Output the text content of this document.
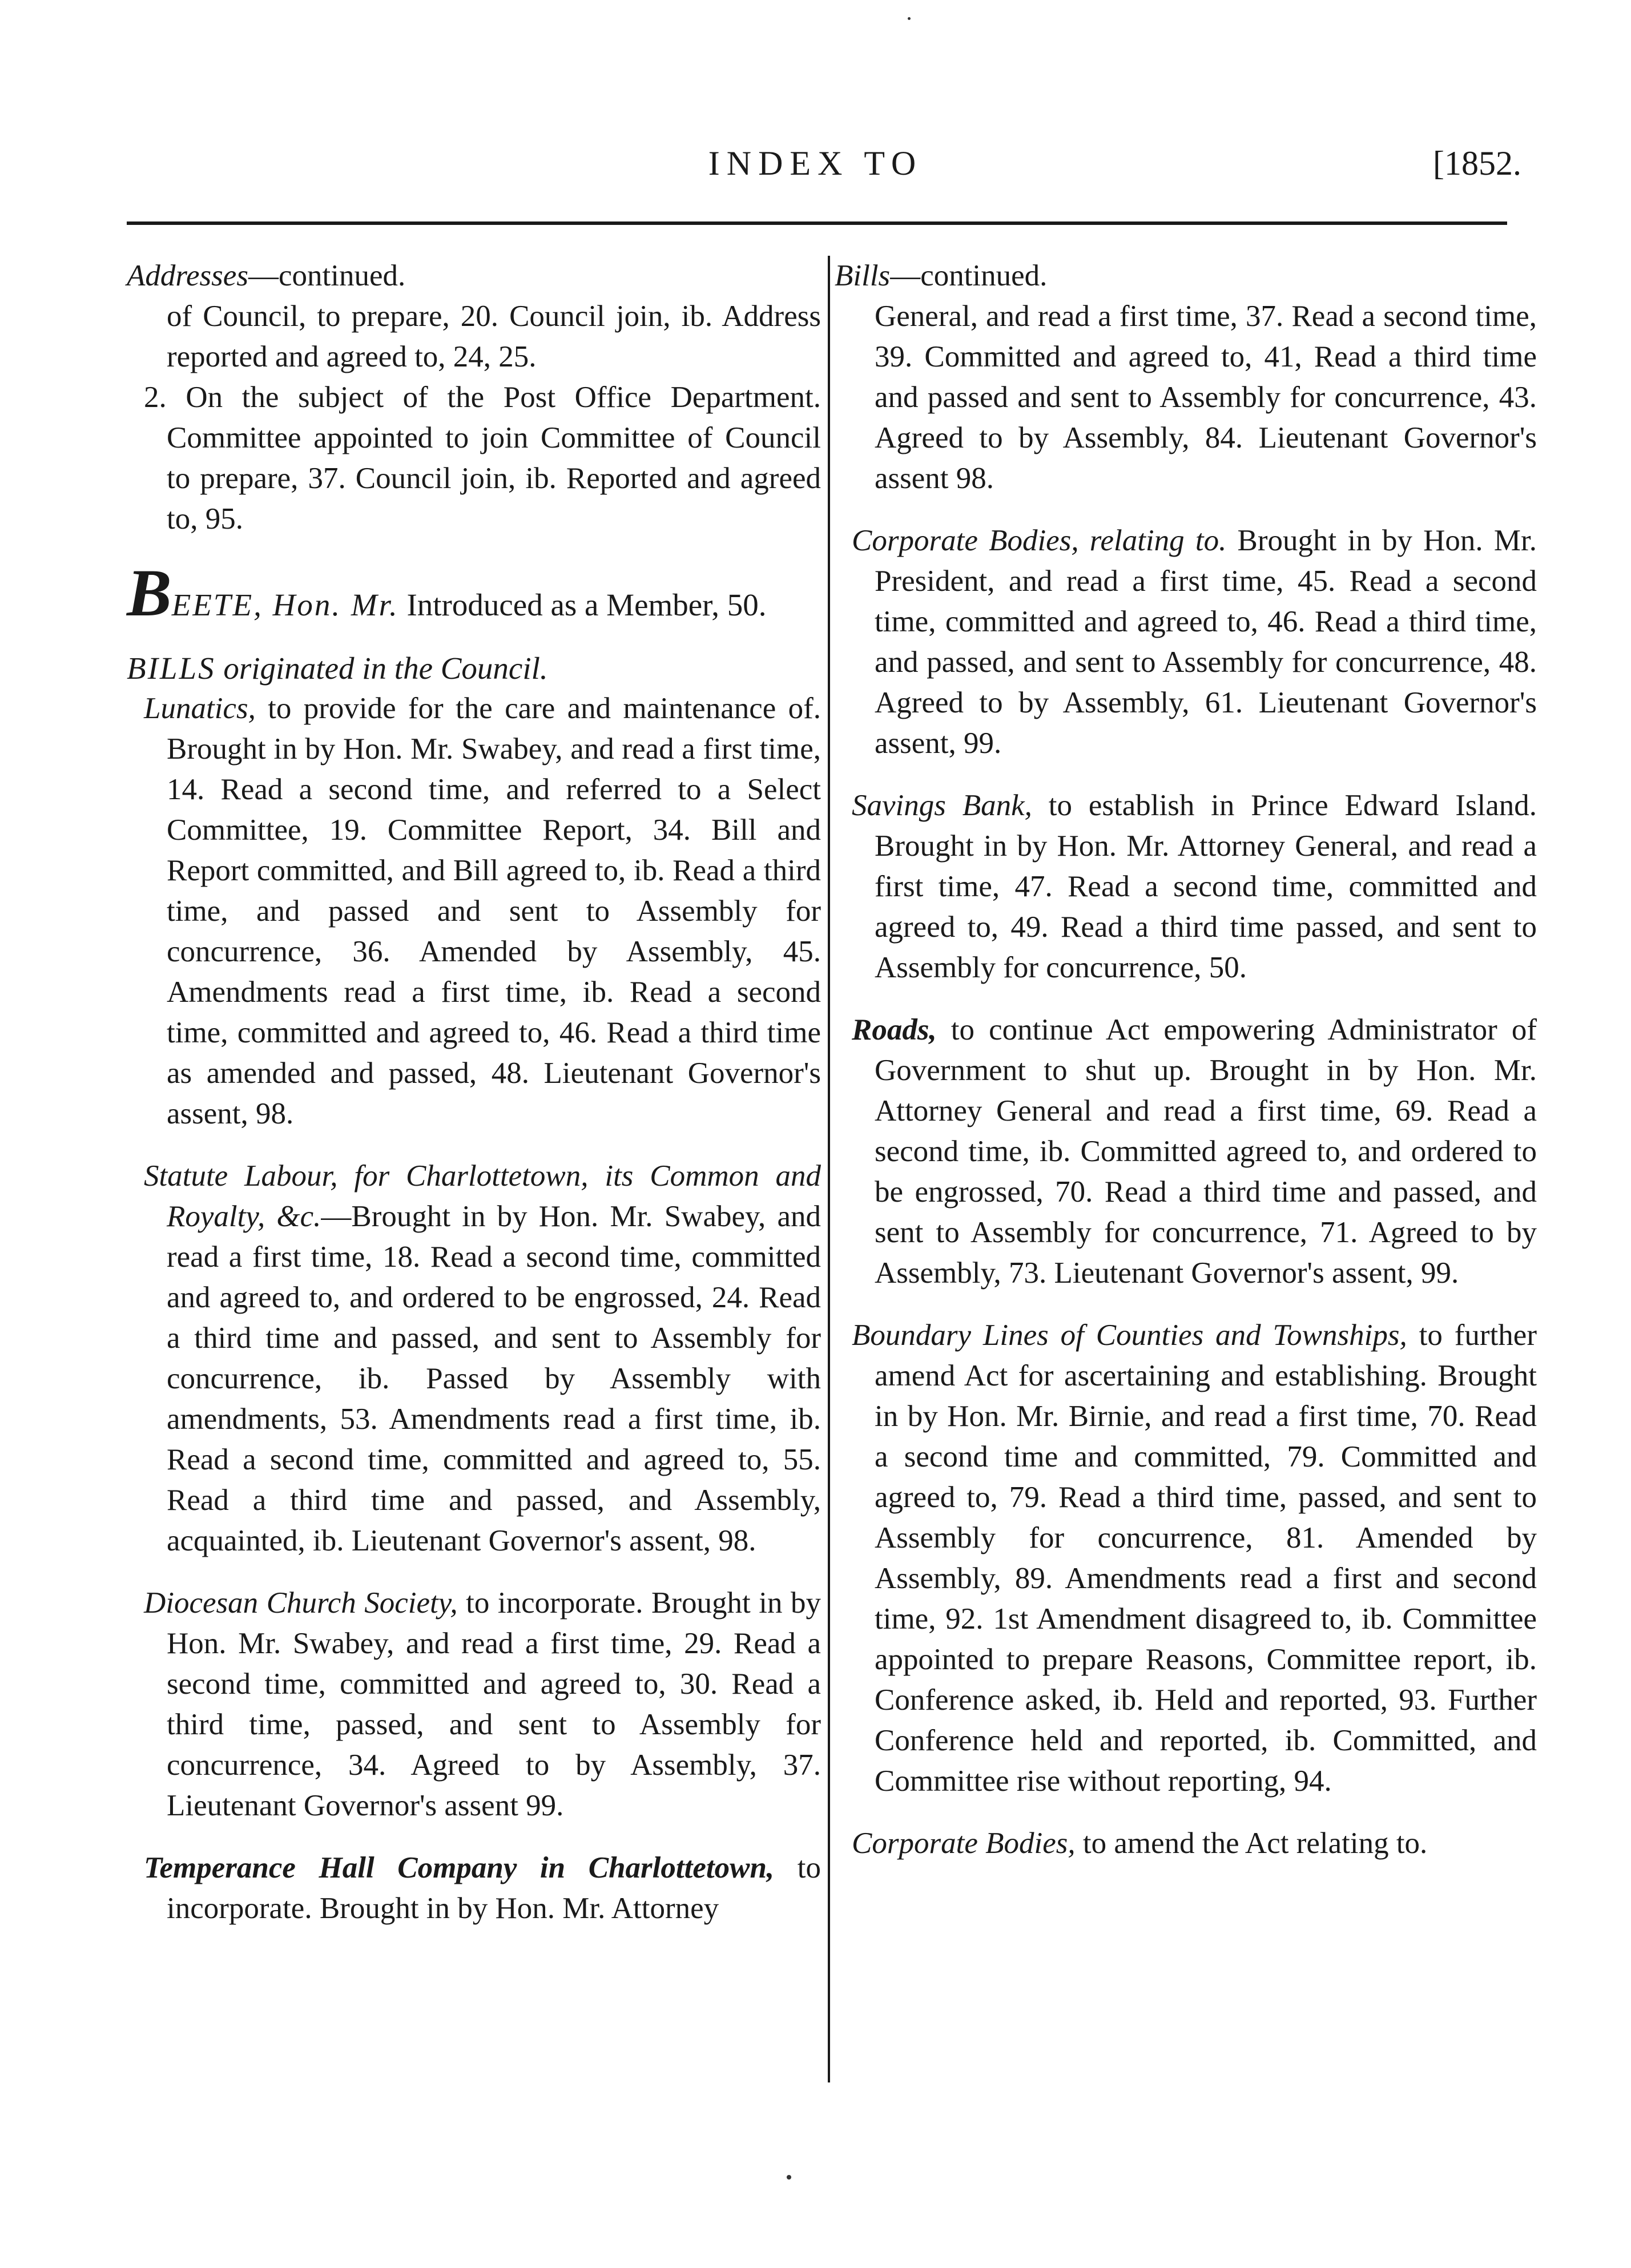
INDEX TO	[1852.
Addresses—continued.
of Council, to prepare, 20. Council join, ib. Address reported and agreed to, 24, 25.
2. On the subject of the Post Office Department. Committee appointed to join Committee of Council to prepare, 37. Council join, ib. Reported and agreed to, 95.
BEETE, Hon. Mr. Introduced as a Member, 50.
BILLS originated in the Council.
Lunatics, to provide for the care and maintenance of. Brought in by Hon. Mr. Swabey, and read a first time, 14. Read a second time, and referred to a Select Committee, 19. Committee Report, 34. Bill and Report committed, and Bill agreed to, ib. Read a third time, and passed and sent to Assembly for concurrence, 36. Amended by Assembly, 45. Amendments read a first time, ib. Read a second time, committed and agreed to, 46. Read a third time as amended and passed, 48. Lieutenant Governor's assent, 98.
Statute Labour, for Charlottetown, its Common and Royalty, &c.—Brought in by Hon. Mr. Swabey, and read a first time, 18. Read a second time, committed and agreed to, and ordered to be engrossed, 24. Read a third time and passed, and sent to Assembly for concurrence, ib. Passed by Assembly with amendments, 53. Amendments read a first time, ib. Read a second time, committed and agreed to, 55. Read a third time and passed, and Assembly, acquainted, ib. Lieutenant Governor's assent, 98.
Diocesan Church Society, to incorporate. Brought in by Hon. Mr. Swabey, and read a first time, 29. Read a second time, committed and agreed to, 30. Read a third time, passed, and sent to Assembly for concurrence, 34. Agreed to by Assembly, 37. Lieutenant Governor's assent 99.
Temperance Hall Company in Charlottetown, to incorporate. Brought in by Hon. Mr. Attorney
Bills—continued.
General, and read a first time, 37. Read a second time, 39. Committed and agreed to, 41, Read a third time and passed and sent to Assembly for concurrence, 43. Agreed to by Assembly, 84. Lieutenant Governor's assent 98.
Corporate Bodies, relating to. Brought in by Hon. Mr. President, and read a first time, 45. Read a second time, committed and agreed to, 46. Read a third time, and passed, and sent to Assembly for concurrence, 48. Agreed to by Assembly, 61. Lieutenant Governor's assent, 99.
Savings Bank, to establish in Prince Edward Island. Brought in by Hon. Mr. Attorney General, and read a first time, 47. Read a second time, committed and agreed to, 49. Read a third time passed, and sent to Assembly for concurrence, 50.
Roads, to continue Act empowering Administrator of Government to shut up. Brought in by Hon. Mr. Attorney General and read a first time, 69. Read a second time, ib. Committed agreed to, and ordered to be engrossed, 70. Read a third time and passed, and sent to Assembly for concurrence, 71. Agreed to by Assembly, 73. Lieutenant Governor's assent, 99.
Boundary Lines of Counties and Townships, to further amend Act for ascertaining and establishing. Brought in by Hon. Mr. Birnie, and read a first time, 70. Read a second time and committed, 79. Committed and agreed to, 79. Read a third time, passed, and sent to Assembly for concurrence, 81. Amended by Assembly, 89. Amendments read a first and second time, 92. 1st Amendment disagreed to, ib. Committee appointed to prepare Reasons, Committee report, ib. Conference asked, ib. Held and reported, 93. Further Conference held and reported, ib. Committed, and Committee rise without reporting, 94.
Corporate Bodies, to amend the Act relating to.
